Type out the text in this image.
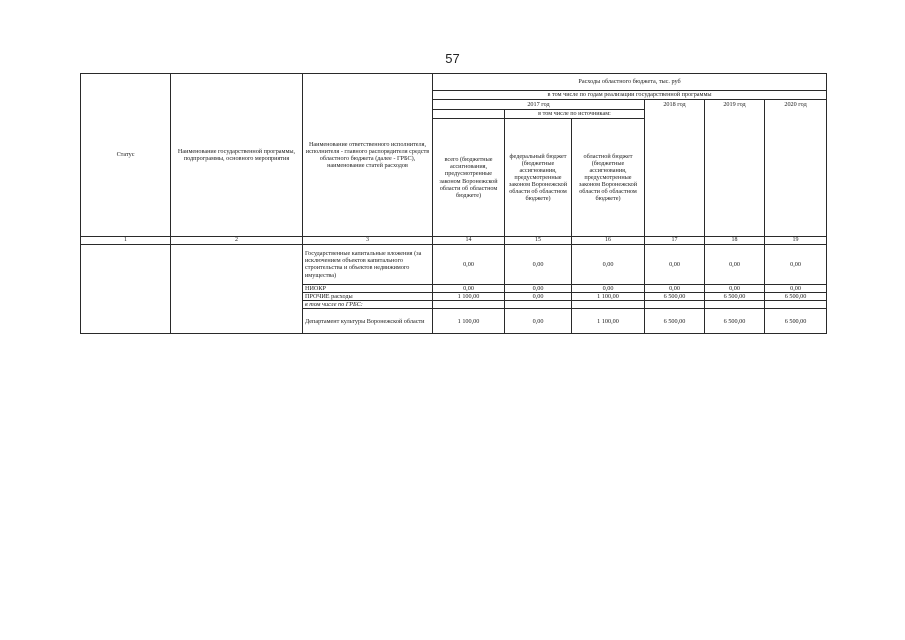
57
Статус	Наименование государственной программы, подпрограммы, основного мероприятия	Наименование ответственного исполнителя, исполнителя - главного распорядителя средств областного бюджета (далее - ГРБС), наименование статей расходов	Расходы областного бюджета, тыс. руб					
			в том числе по годам реализации государственной программы					
			2017 год			2018 год	2019 год	2020 год
				в том числе по источникам:				
			всего (бюджетные ассигнования, предусмотренные законом Воронежской области об областном бюджете)	федеральный бюджет (бюджетные ассигнования, предусмотренные законом Воронежской области об областном бюджете)	областной бюджет (бюджетные ассигнования, предусмотренные законом Воронежской области об областном бюджете)			
1	2	3	14	15	16	17	18	19
		Государственные капитальные вложения (за исключением объектов капитального строительства и объектов недвижимого имущества)	0,00	0,00	0,00	0,00	0,00	0,00
		НИОКР	0,00	0,00	0,00	0,00	0,00	0,00
		ПРОЧИЕ расходы	1 100,00	0,00	1 100,00	6 500,00	6 500,00	6 500,00
		в том числе по ГРБС:						
		Департамент культуры Воронежской области	1 100,00	0,00	1 100,00	6 500,00	6 500,00	6 500,00
